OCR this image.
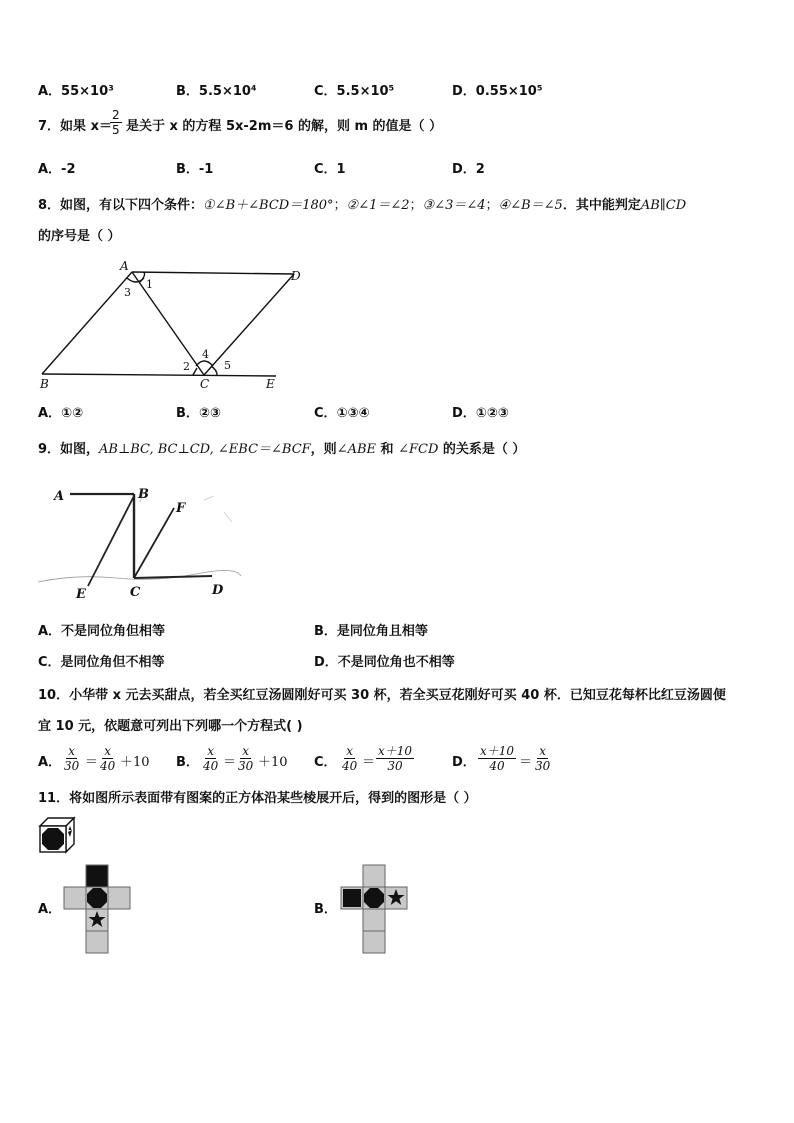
A．55×10³	B．5.5×10⁴	C．5.5×10⁵	D．0.55×10⁵
7．如果 x＝
$\frac{2}{5}$ 是关于 x 的方程 5x-2m＝6 的解，则 m 的值是（ ）
A．-2	B．-1	C．1	D．2
8．如图，有以下四个条件：①∠B＋∠BCD＝180°；②∠1＝∠2；③∠3＝∠4；④∠B＝∠5．其中能判定AB∥CD
的序号是（ ）
A
D
B	C	E
1
3
2
4
5
A．①②	B．②③	C．①③④	D．①②③
9．如图，AB⊥BC, BC⊥CD, ∠EBC＝∠BCF，则∠ABE 和 ∠FCD 的关系是（ ）
A	B
F
E	C	D
A．不是同位角但相等	B．是同位角且相等
C．是同位角但不相等	D．不是同位角也不相等
10．小华带 x 元去买甜点，若全买红豆汤圆刚好可买 30 杯，若全买豆花刚好可买 40 杯．已知豆花每杯比红豆汤圆便
宜 10 元，依题意可列出下列哪一个方程式( )
A． $\frac{x}{30} = \frac{x}{40} +10$ B． $\frac{x}{40} = \frac{x}{30} +10$ C． $\frac{x}{40} = \frac{x+10}{30}$	D． $\frac{x+10}{40} = \frac{x}{30}$
11．将如图所示表面带有图案的正方体沿某些棱展开后，得到的图形是（ ）
A．	B．
